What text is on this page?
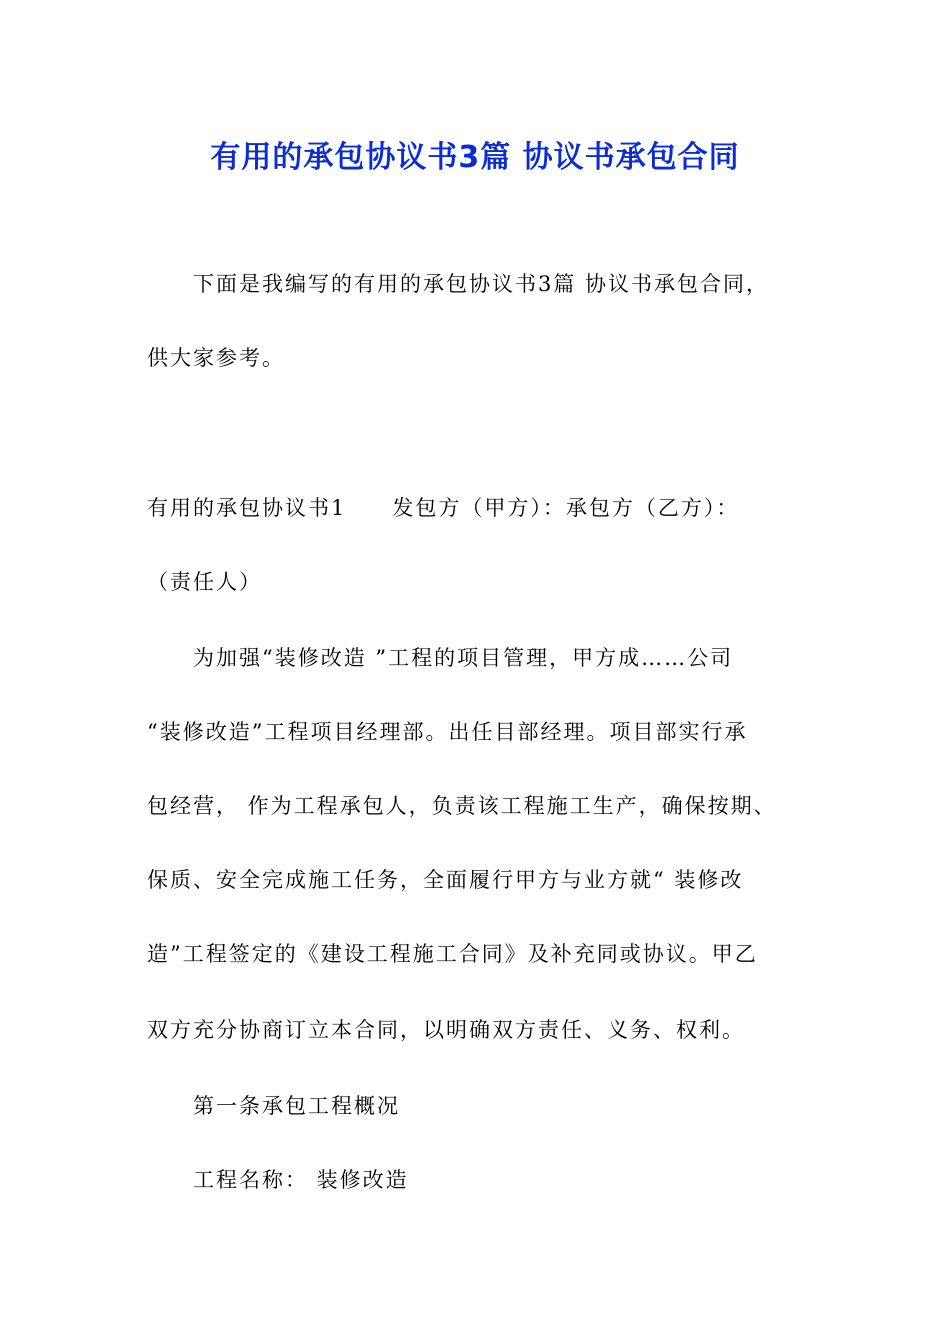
有用的承包协议书3篇 协议书承包合同
下面是我编写的有用的承包协议书3篇 协议书承包合同，
供大家参考。
有用的承包协议书1　　发包方（甲方）：承包方（乙方）：
（责任人）
为加强“装修改造 ”工程的项目管理，甲方成……公司
“装修改造”工程项目经理部。出任目部经理。项目部实行承
包经营， 作为工程承包人，负责该工程施工生产，确保按期、
保质、安全完成施工任务，全面履行甲方与业方就“ 装修改
造”工程签定的《建设工程施工合同》及补充同或协议。甲乙
双方充分协商订立本合同，以明确双方责任、义务、权利。
第一条承包工程概况
工程名称： 装修改造
